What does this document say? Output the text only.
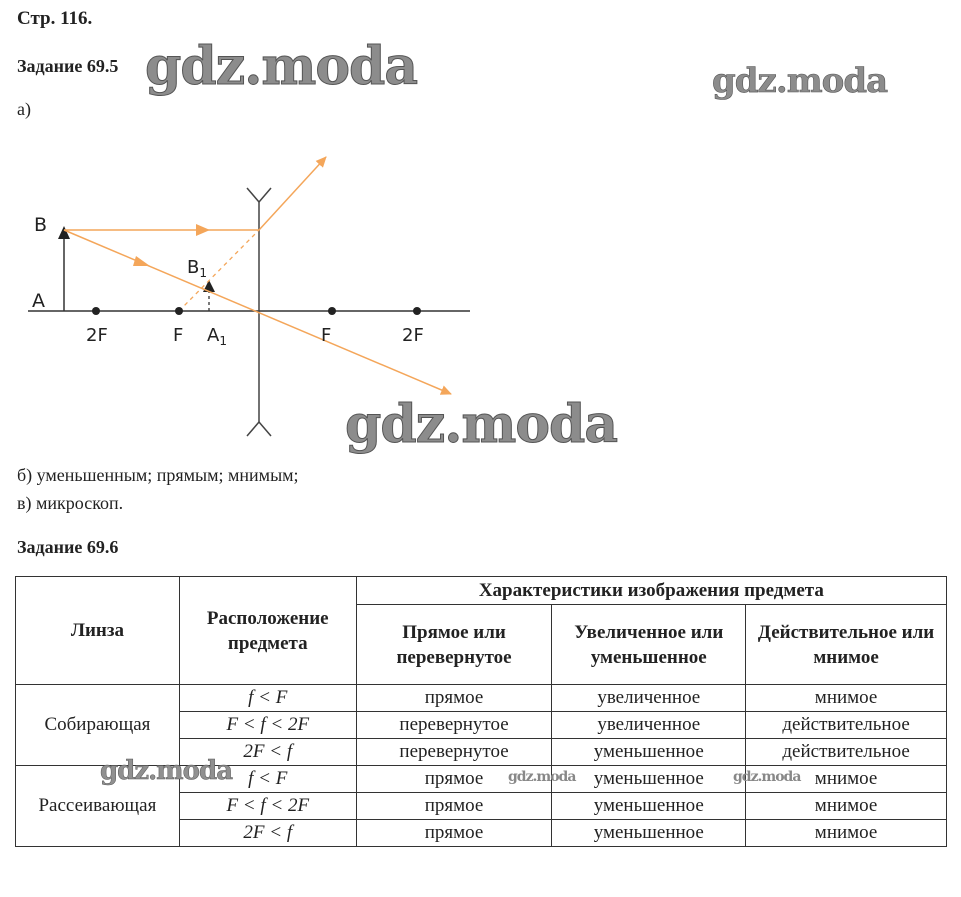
Стр. 116.
Задание 69.5
а)
gdz.moda	gdz.moda
B
A
$B_1$
$A_1$
2F	F	F	2F
gdz.moda
б) уменьшенным; прямым; мнимым;
в) микроскоп.
Задание 69.6
Линза	Расположение предмета	Характеристики изображения предмета		
		Прямое или перевернутое	Увеличенное или уменьшенное	Действительное или мнимое
Собирающая	f < F	прямое	увеличенное	мнимое
	F < f < 2F	перевернутое	увеличенное	действительное
	2F < f	перевернутое	уменьшенное	действительное
Рассеивающая	f < F	прямое	уменьшенное	мнимое
	F < f < 2F	прямое	уменьшенное	мнимое
	2F < f	прямое	уменьшенное	мнимое
gdz.moda	gdz.moda	gdz.moda
